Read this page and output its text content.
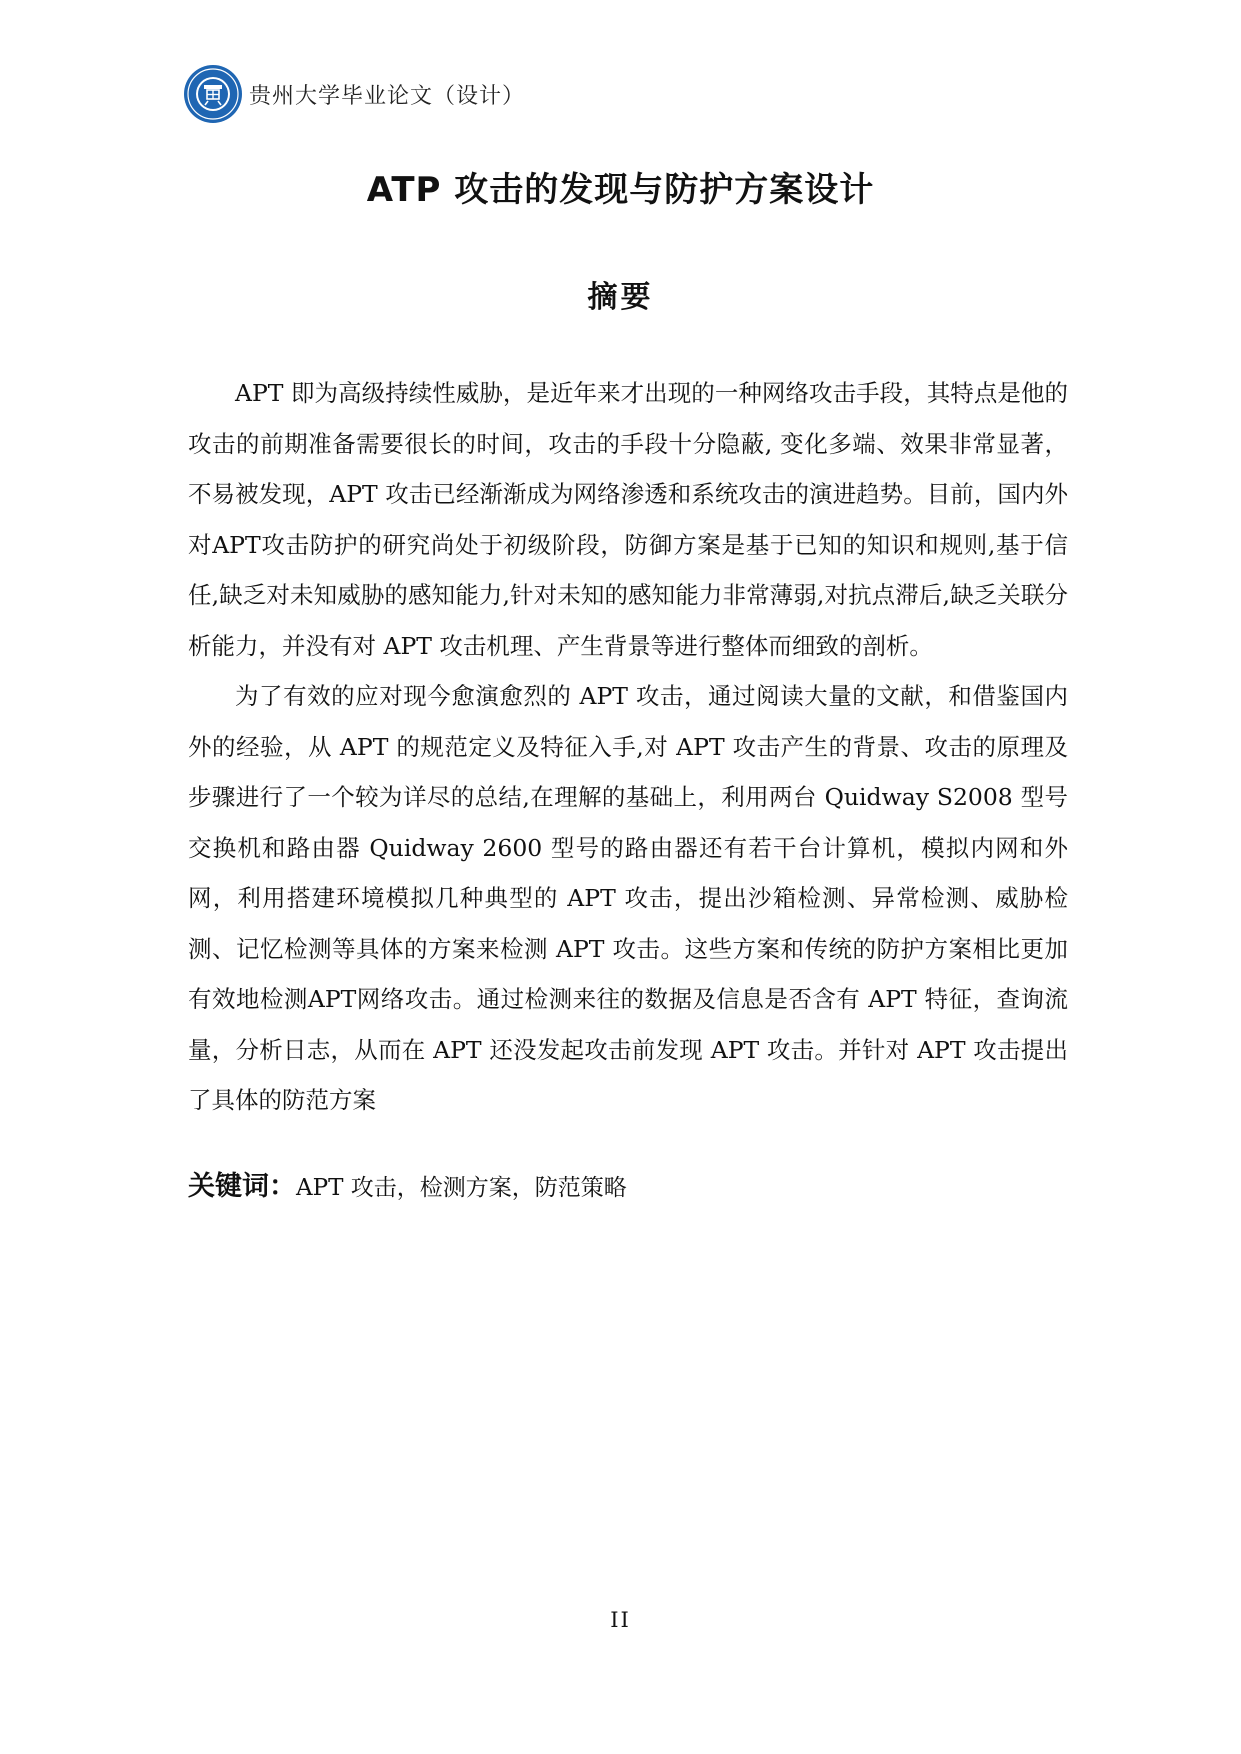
贵州大学毕业论文（设计）
ATP 攻击的发现与防护方案设计
摘要

APT 即为高级持续性威胁，是近年来才出现的一种网络攻击手段，其特点是他的攻击的前期准备需要很长的时间，攻击的手段十分隐蔽, 变化多端、效果非常显著，不易被发现，APT 攻击已经渐渐成为网络渗透和系统攻击的演进趋势。目前，国内外对APT攻击防护的研究尚处于初级阶段，防御方案是基于已知的知识和规则,基于信任,缺乏对未知威胁的感知能力,针对未知的感知能力非常薄弱,对抗点滞后,缺乏关联分析能力，并没有对 APT 攻击机理、产生背景等进行整体而细致的剖析。

为了有效的应对现今愈演愈烈的 APT 攻击，通过阅读大量的文献，和借鉴国内外的经验，从 APT 的规范定义及特征入手,对 APT 攻击产生的背景、攻击的原理及步骤进行了一个较为详尽的总结,在理解的基础上，利用两台 Quidway S2008 型号交换机和路由器 Quidway 2600 型号的路由器还有若干台计算机，模拟内网和外网，利用搭建环境模拟几种典型的 APT 攻击，提出沙箱检测、异常检测、威胁检测、记忆检测等具体的方案来检测 APT 攻击。这些方案和传统的防护方案相比更加有效地检测APT网络攻击。通过检测来往的数据及信息是否含有 APT 特征，查询流量，分析日志，从而在 APT 还没发起攻击前发现 APT 攻击。并针对 APT 攻击提出了具体的防范方案

关键词： APT 攻击，检测方案，防范策略
II
